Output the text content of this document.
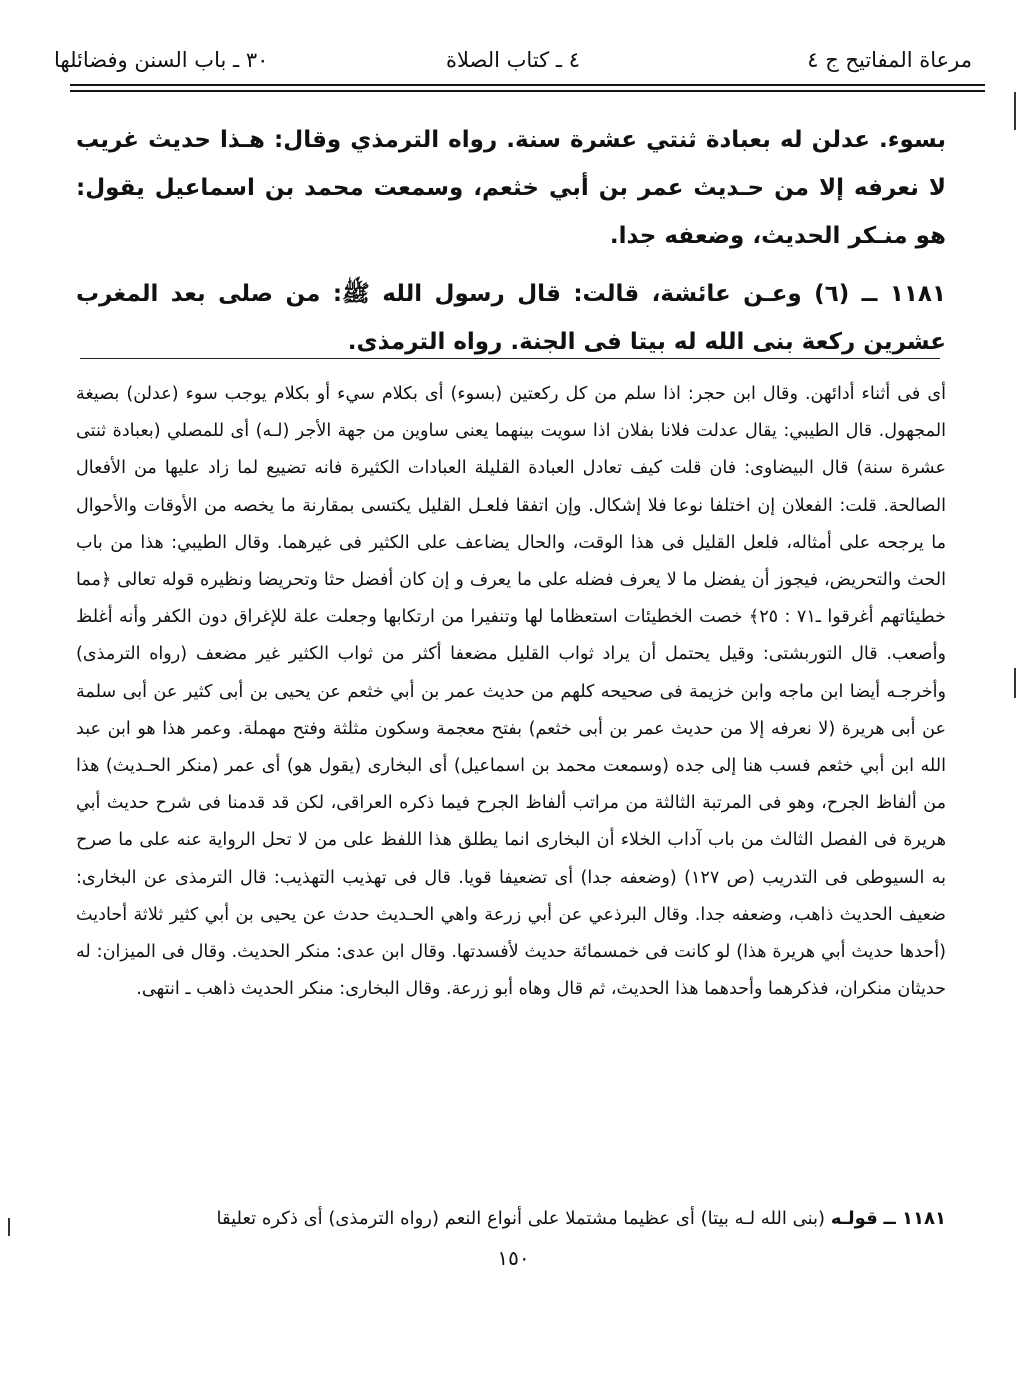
مرعاة المفاتيح ج ٤
٤ ـ كتاب الصلاة
٣٠ ـ باب السنن وفضائلها

بسوء. عدلن له بعبادة ثنتي عشرة سنة. رواه الترمذي وقال: هـذا حديث غريب لا نعرفه إلا من حـديث عمر بن أبي خثعم، وسمعت محمد بن اسماعيل يقول: هو منـكر الحديث، وضعفه جدا.

١١٨١ ــ (٦) وعـن عائشة، قالت: قال رسول الله ﷺ: من صلى بعد المغرب عشرين ركعة بنى الله له بيتا فى الجنة. رواه الترمذى.

أى فى أثناء أدائهن. وقال ابن حجر: اذا سلم من كل ركعتين (بسوء) أى بكلام سيء أو بكلام يوجب سوء (عدلن) بصيغة المجهول. قال الطيبي: يقال عدلت فلانا بفلان اذا سويت بينهما يعنى ساوين من جهة الأجر (لـه) أى للمصلي (بعبادة ثنتى عشرة سنة) قال البيضاوى: فان قلت كيف تعادل العبادة القليلة العبادات الكثيرة فانه تضييع لما زاد عليها من الأفعال الصالحة. قلت: الفعلان إن اختلفا نوعا فلا إشكال. وإن اتفقا فلعـل القليل يكتسى بمقارنة ما يخصه من الأوقات والأحوال ما يرجحه على أمثاله، فلعل القليل فى هذا الوقت، والحال يضاعف على الكثير فى غيرهما. وقال الطيبي: هذا من باب الحث والتحريض، فيجوز أن يفضل ما لا يعرف فضله على ما يعرف و إن كان أفضل حثا وتحريضا ونظيره قوله تعالى ﴿مما خطيئاتهم أغرقوا ـ٧١ : ٢٥﴾ خصت الخطيئات استعظاما لها وتنفيرا من ارتكابها وجعلت علة للإغراق دون الكفر وأنه أغلظ وأصعب. قال التوربشتى: وقيل يحتمل أن يراد ثواب القليل مضعفا أكثر من ثواب الكثير غير مضعف (رواه الترمذى) وأخرجـه أيضا ابن ماجه وابن خزيمة فى صحيحه كلهم من حديث عمر بن أبي خثعم عن يحيى بن أبى كثير عن أبى سلمة عن أبى هريرة (لا نعرفه إلا من حديث عمر بن أبى خثعم) بفتح معجمة وسكون مثلثة وفتح مهملة. وعمر هذا هو ابن عبد الله ابن أبي خثعم فسب هنا إلى جده (وسمعت محمد بن اسماعيل) أى البخارى (يقول هو) أى عمر (منكر الحـديث) هذا من ألفاظ الجرح، وهو فى المرتبة الثالثة من مراتب ألفاظ الجرح فيما ذكره العراقى، لكن قد قدمنا فى شرح حديث أبي هريرة فى الفصل الثالث من باب آداب الخلاء أن البخارى انما يطلق هذا اللفظ على من لا تحل الرواية عنه على ما صرح به السيوطى فى التدريب (ص ١٢٧) (وضعفه جدا) أى تضعيفا قويا. قال فى تهذيب التهذيب: قال الترمذى عن البخارى: ضعيف الحديث ذاهب، وضعفه جدا. وقال البرذعي عن أبي زرعة واهي الحـديث حدث عن يحيى بن أبي كثير ثلاثة أحاديث (أحدها حديث أبي هريرة هذا) لو كانت فى خمسمائة حديث لأفسدتها. وقال ابن عدى: منكر الحديث. وقال فى الميزان: له حديثان منكران، فذكرهما وأحدهما هذا الحديث، ثم قال وهاه أبو زرعة. وقال البخارى: منكر الحديث ذاهب ـ انتهى.

١١٨١ ــ قولـه (بنى الله لـه بيتا) أى عظيما مشتملا على أنواع النعم (رواه الترمذى) أى ذكره تعليقا
١٥٠
